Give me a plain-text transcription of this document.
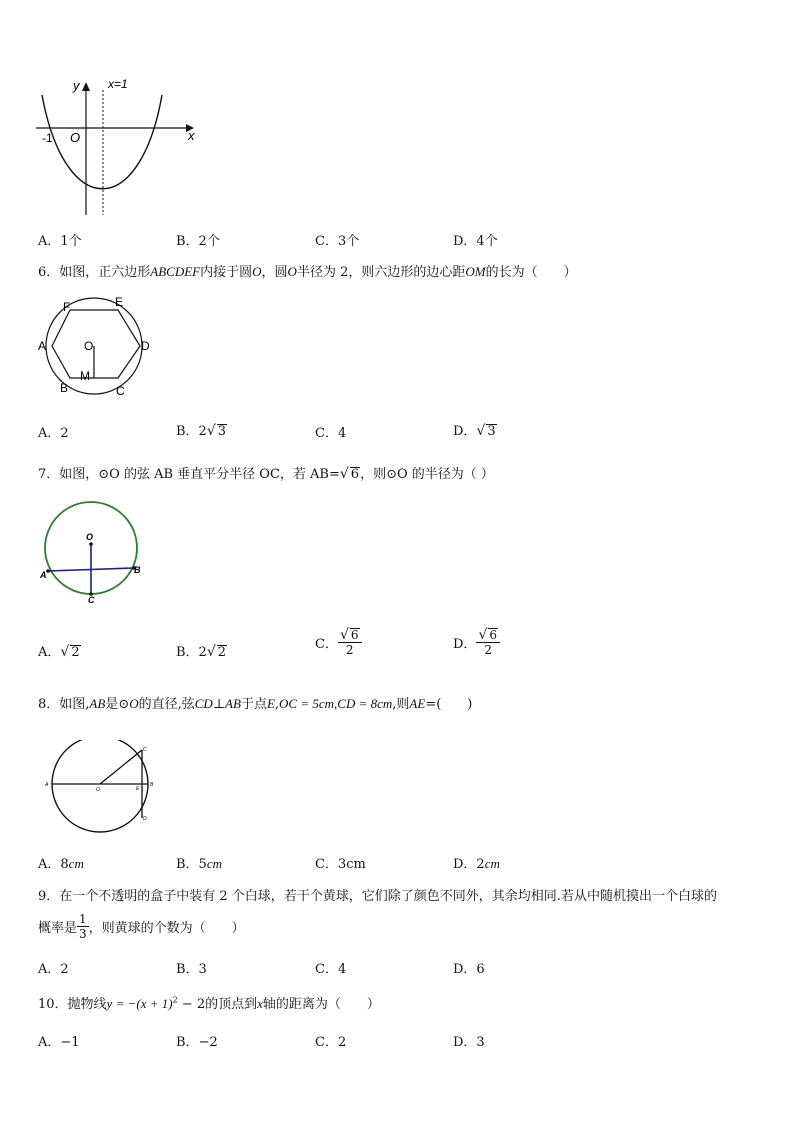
y x=1
x
O
-1
A．1个	B．2个	C．3个	D．4个
6．如图，正六边形ABCDEF内接于圆O，圆O半径为 2，则六边形的边心距OM的长为（　　）
A
B	C
D
E
F
O
M
A．2	B．2√ 3	C．4	D．√ 3
7．如图，⊙O 的弦 AB 垂直平分半径 OC，若 AB=√ 6，则⊙O 的半径为（ ）
O
A	B
C
A．√ 2	B．2√ 2
C． $\frac{√ 6}{2}$	D． $\frac{√ 6}{2}$
8．如图,AB是⊙O的直径,弦CD⊥AB于点E,OC = 5cm,CD = 8cm,则AE=(　　)
A
O
B
C
D
E
A．8cm	B．5cm	C．3cm	D．2cm
9．在一个不透明的盒子中装有 2 个白球，若干个黄球，它们除了颜色不同外，其余均相同.若从中随机摸出一个白球的
概率是 $\frac{1}{3}$ ，则黄球的个数为（　　）
A．2	B．3	C．4	D．6
10．抛物线$y = -(x + 1)^2 - 2$的顶点到x轴的距离为（　　）
A．−1	B．−2	C．2	D．3
